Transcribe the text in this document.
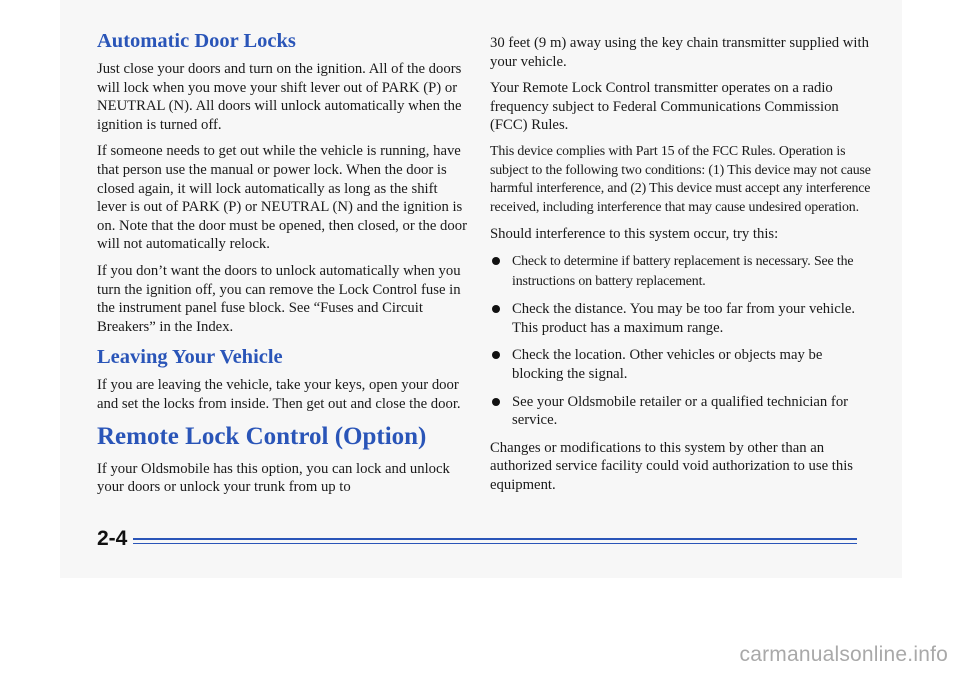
Automatic Door Locks

Just close your doors and turn on the ignition. All of the doors will lock when you move your shift lever out of PARK (P) or NEUTRAL (N). All doors will unlock automatically when the ignition is turned off.

If someone needs to get out while the vehicle is running, have that person use the manual or power lock. When the door is closed again, it will lock automatically as long as the shift lever is out of PARK (P) or NEUTRAL (N) and the ignition is on. Note that the door must be opened, then closed, or the door will not automatically relock.

If you don’t want the doors to unlock automatically when you turn the ignition off, you can remove the Lock Control fuse in the instrument panel fuse block. See “Fuses and Circuit Breakers” in the Index.

Leaving Your Vehicle

If you are leaving the vehicle, take your keys, open your door and set the locks from inside. Then get out and close the door.

Remote Lock Control (Option)

If your Oldsmobile has this option, you can lock and unlock your doors or unlock your trunk from up to

30 feet (9 m) away using the key chain transmitter supplied with your vehicle.

Your Remote Lock Control transmitter operates on a radio frequency subject to Federal Communications Commission (FCC) Rules.

This device complies with Part 15 of the FCC Rules. Operation is subject to the following two conditions: (1) This device may not cause harmful interference, and (2) This device must accept any interference received, including interference that may cause undesired operation.

Should interference to this system occur, try this:

Check to determine if battery replacement is necessary. See the instructions on battery replacement.
Check the distance. You may be too far from your vehicle. This product has a maximum range.
Check the location. Other vehicles or objects may be blocking the signal.
See your Oldsmobile retailer or a qualified technician for service.

Changes or modifications to this system by other than an authorized service facility could void authorization to use this equipment.

2-4
carmanualsonline.info
